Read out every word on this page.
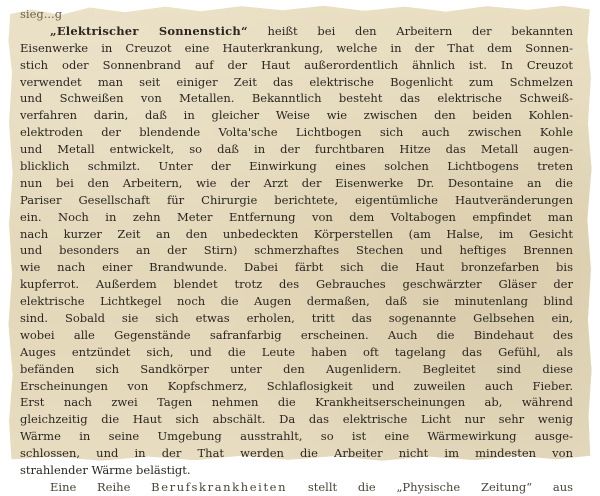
sieg...g
„Elektrischer Sonnenstich“ heißt bei den Arbeitern der bekannten
Eisenwerke in Creuzot eine Hauterkrankung, welche in der That dem Sonnen-
stich oder Sonnenbrand auf der Haut außerordentlich ähnlich ist. In Creuzot
verwendet man seit einiger Zeit das elektrische Bogenlicht zum Schmelzen
und Schweißen von Metallen. Bekanntlich besteht das elektrische Schweiß-
verfahren darin, daß in gleicher Weise wie zwischen den beiden Kohlen-
elektroden der blendende Volta'sche Lichtbogen sich auch zwischen Kohle
und Metall entwickelt, so daß in der furchtbaren Hitze das Metall augen-
blicklich schmilzt. Unter der Einwirkung eines solchen Lichtbogens treten
nun bei den Arbeitern, wie der Arzt der Eisenwerke Dr. Desontaine an die
Pariser Gesellschaft für Chirurgie berichtete, eigentümliche Hautveränderungen
ein. Noch in zehn Meter Entfernung von dem Voltabogen empfindet man
nach kurzer Zeit an den unbedeckten Körperstellen (am Halse, im Gesicht
und besonders an der Stirn) schmerzhaftes Stechen und heftiges Brennen
wie nach einer Brandwunde. Dabei färbt sich die Haut bronzefarben bis
kupferrot. Außerdem blendet trotz des Gebrauches geschwärzter Gläser der
elektrische Lichtkegel noch die Augen dermaßen, daß sie minutenlang blind
sind. Sobald sie sich etwas erholen, tritt das sogenannte Gelbsehen ein,
wobei alle Gegenstände safranfarbig erscheinen. Auch die Bindehaut des
Auges entzündet sich, und die Leute haben oft tagelang das Gefühl, als
befänden sich Sandkörper unter den Augenlidern. Begleitet sind diese
Erscheinungen von Kopfschmerz, Schlaflosigkeit und zuweilen auch Fieber.
Erst nach zwei Tagen nehmen die Krankheitserscheinungen ab, während
gleichzeitig die Haut sich abschält. Da das elektrische Licht nur sehr wenig
Wärme in seine Umgebung ausstrahlt, so ist eine Wärmewirkung ausge-
schlossen, und in der That werden die Arbeiter nicht im mindesten von
strahlender Wärme belästigt.
Eine Reihe Berufskrankheiten stellt die „Physische Zeitung“ aus
